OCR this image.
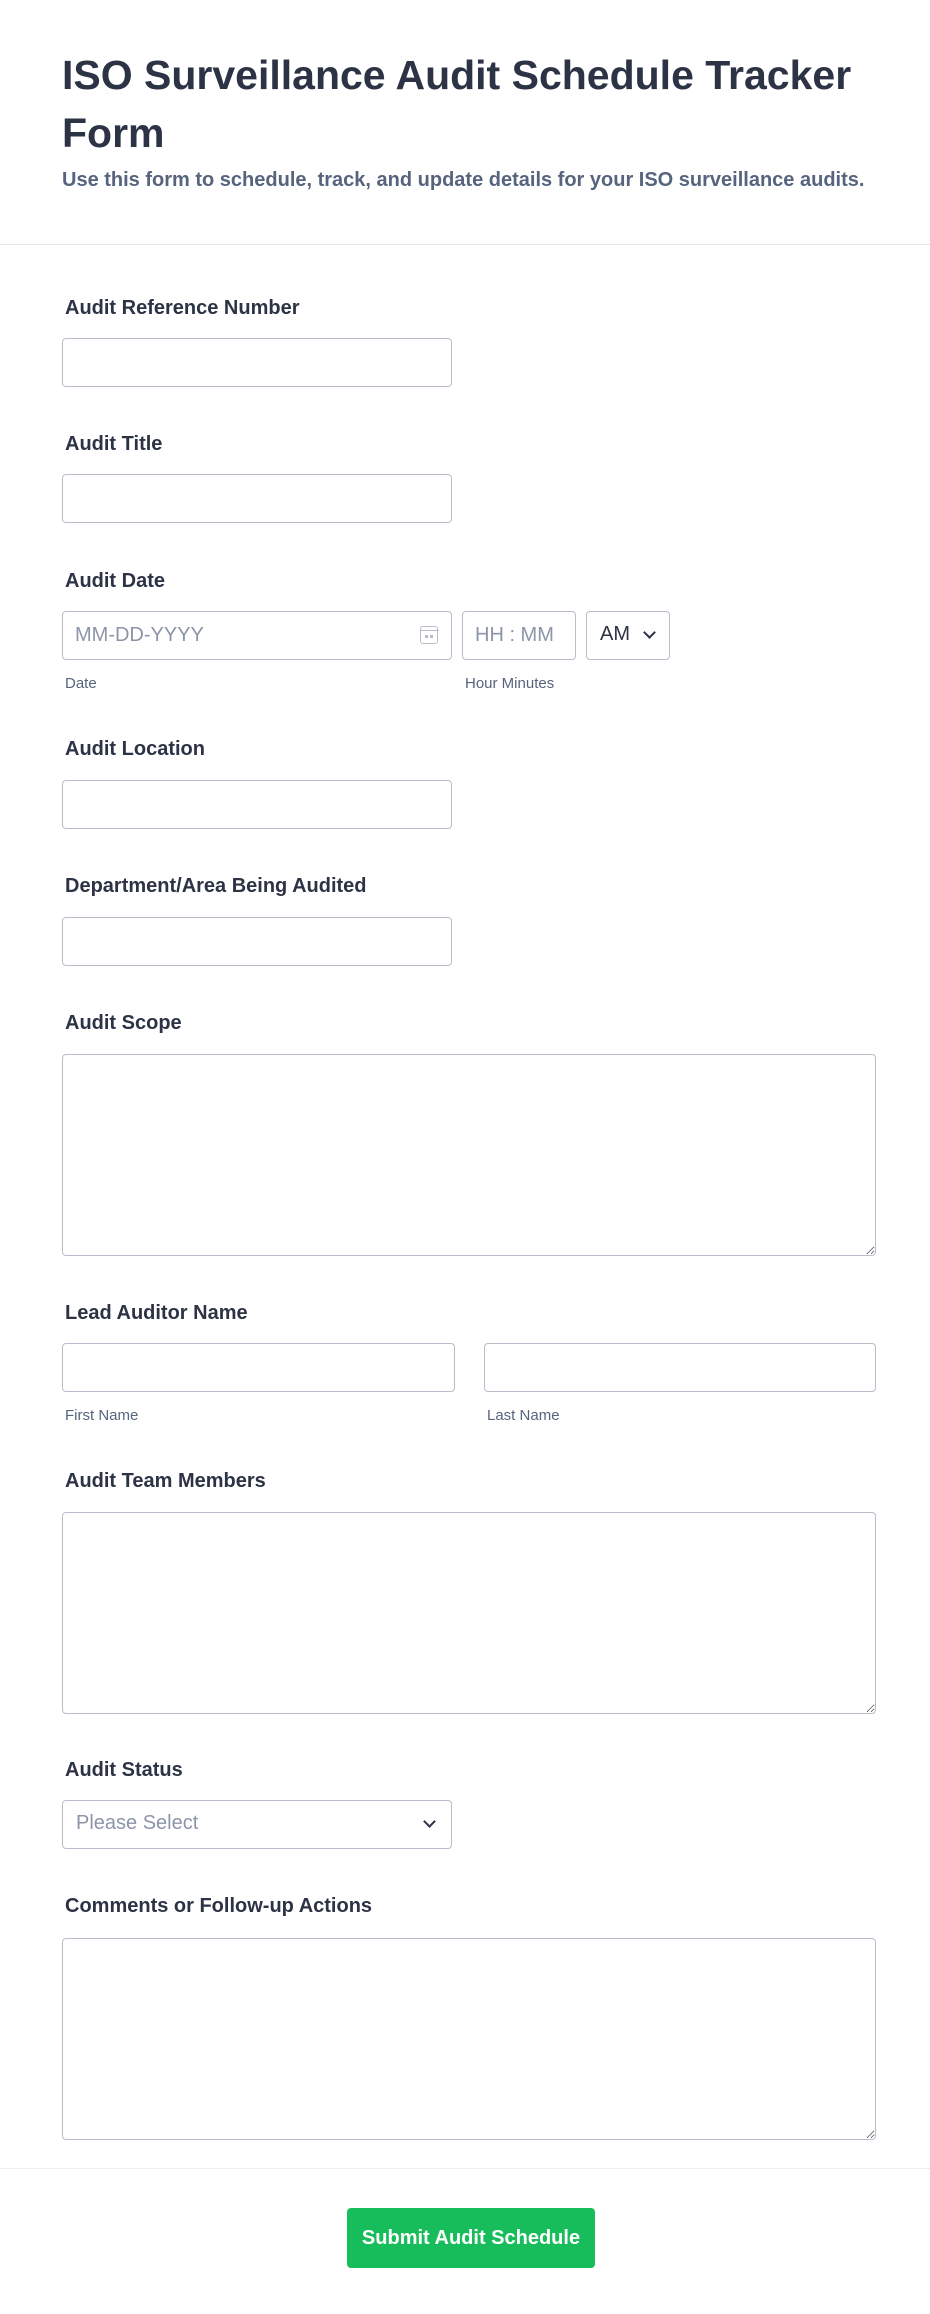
ISO Surveillance Audit Schedule Tracker Form

Use this form to schedule, track, and update details for your ISO surveillance audits.

Audit Reference Number
Audit Title
Audit Date
MM-DD-YYYY
Date
HH : MM	Hour Minutes
AM
Audit Location
Department/Area Being Audited
Audit Scope
Lead Auditor Name
First Name	Last Name
Audit Team Members
Audit Status
Please Select
Comments or Follow-up Actions
Submit Audit Schedule
